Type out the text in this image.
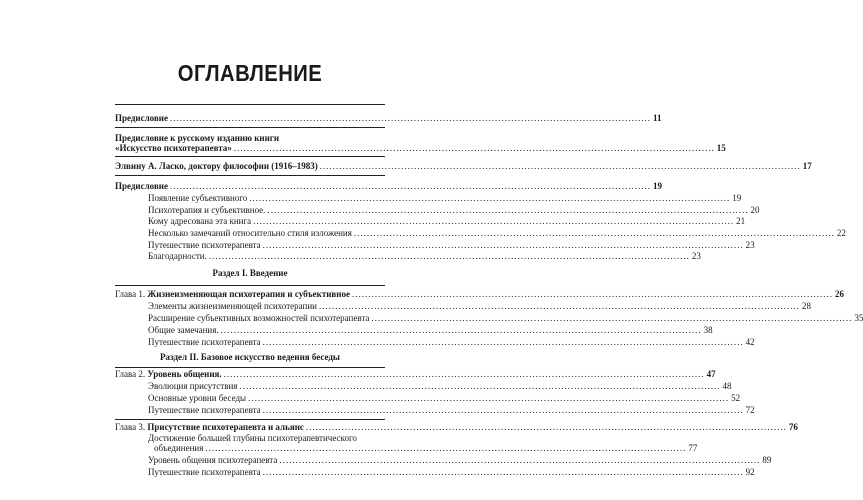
ОГЛАВЛЕНИЕ
Предисловие .................................................................................................................................................... 11
Предисловие к русскому изданию книги
«Искусство психотерапевта» .................................................................................................................................................... 15
Элвину А. Ласко, доктору философии (1916–1983) .................................................................................................................................................... 17
Предисловие .................................................................................................................................................... 19
Появление субъективного .................................................................................................................................................... 19
Психотерапия и субъективное. .................................................................................................................................................... 20
Кому адресована эта книга .................................................................................................................................................... 21
Несколько замечаний относительно стиля изложения .................................................................................................................................................... 22
Путешествие психотерапевта .................................................................................................................................................... 23
Благодарности. .................................................................................................................................................... 23
Раздел I. Введение
Глава 1. Жизнеизменяющая психотерапия и субъективное .................................................................................................................................................... 26
Элементы жизнеизменяющей психотерапии .................................................................................................................................................... 28
Расширение субъективных возможностей психотерапевта .................................................................................................................................................... 35
Общие замечания. .................................................................................................................................................... 38
Путешествие психотерапевта .................................................................................................................................................... 42
Раздел II. Базовое искусство ведения беседы
Глава 2. Уровень общения. .................................................................................................................................................... 47
Эволюция присутствия .................................................................................................................................................... 48
Основные уровни беседы .................................................................................................................................................... 52
Путешествие психотерапевта .................................................................................................................................................... 72
Глава 3. Присутствие психотерапевта и альянс .................................................................................................................................................... 76
Достижение большей глубины психотерапевтического
объединения .................................................................................................................................................... 77
Уровень общения психотерапевта .................................................................................................................................................... 89
Путешествие психотерапевта .................................................................................................................................................... 92
